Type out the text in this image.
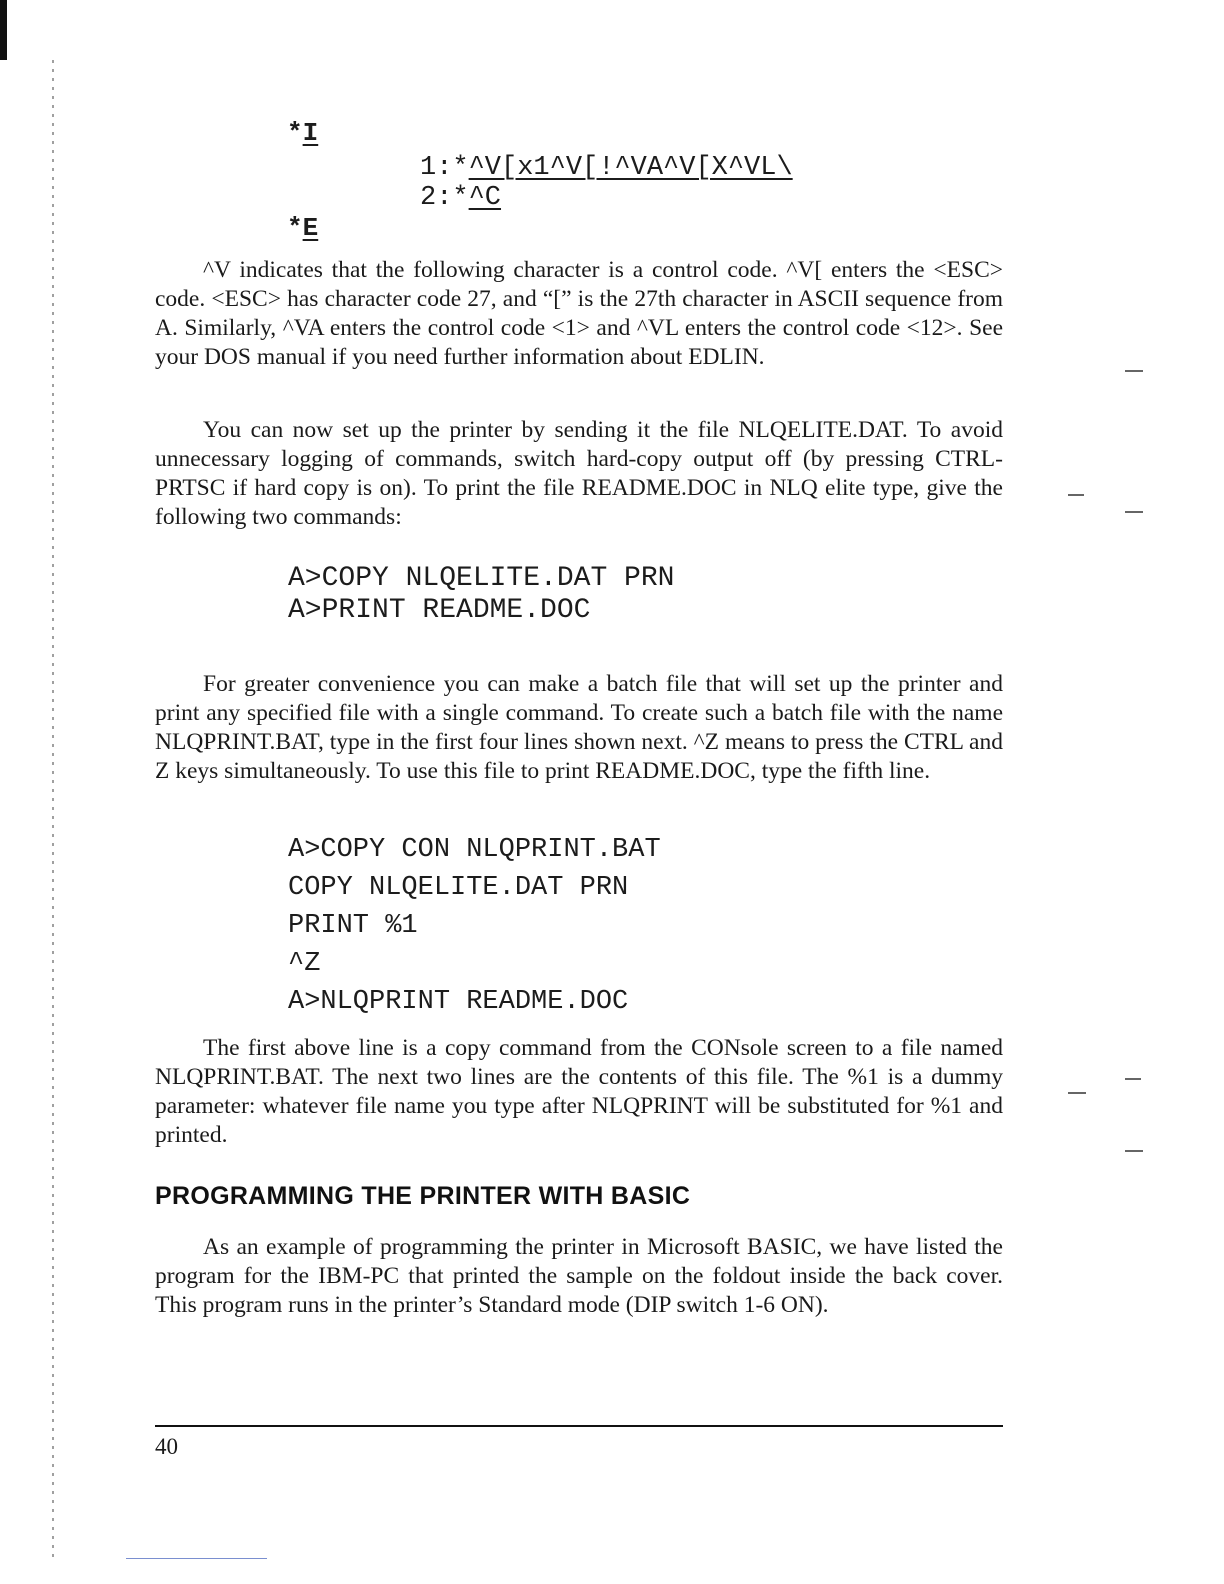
*I
1:*^V[x1^V[!^VA^V[X^VL\
2:*^C
*E

^V indicates that the following character is a control code. ^V[ enters the <ESC> code. <ESC> has character code 27, and “[” is the 27th character in ASCII sequence from A. Similarly, ^VA enters the control code <1> and ^VL enters the control code <12>. See your DOS manual if you need further information about EDLIN.

You can now set up the printer by sending it the file NLQELITE.DAT. To avoid unnecessary logging of commands, switch hard-copy output off (by pressing CTRL-PRTSC if hard copy is on). To print the file README.DOC in NLQ elite type, give the following two commands:

A>COPY NLQELITE.DAT PRN
A>PRINT README.DOC

For greater convenience you can make a batch file that will set up the printer and print any specified file with a single command. To create such a batch file with the name NLQPRINT.BAT, type in the first four lines shown next. ^Z means to press the CTRL and Z keys simultaneously. To use this file to print README.DOC, type the fifth line.

A>COPY CON NLQPRINT.BAT
COPY NLQELITE.DAT PRN
PRINT %1
^Z
A>NLQPRINT README.DOC

The first above line is a copy command from the CONsole screen to a file named NLQPRINT.BAT. The next two lines are the contents of this file. The %1 is a dummy parameter: whatever file name you type after NLQPRINT will be substituted for %1 and printed.

PROGRAMMING THE PRINTER WITH BASIC

As an example of programming the printer in Microsoft BASIC, we have listed the program for the IBM-PC that printed the sample on the foldout inside the back cover. This program runs in the printer’s Standard mode (DIP switch 1-6 ON).

40
